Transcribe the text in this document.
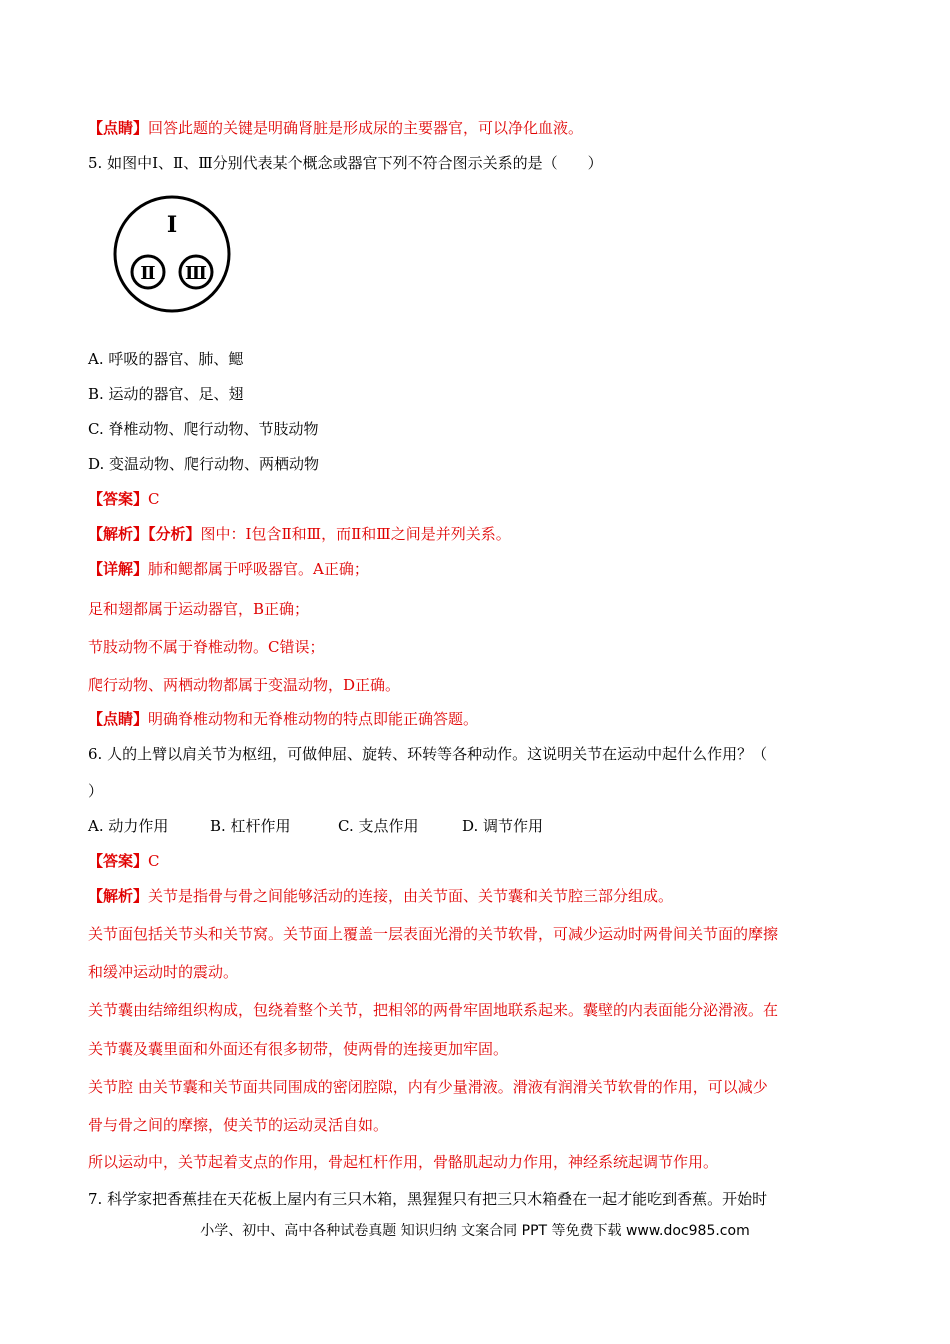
【点睛】回答此题的关键是明确肾脏是形成尿的主要器官，可以净化血液。
5. 如图中Ⅰ、Ⅱ、Ⅲ分别代表某个概念或器官下列不符合图示关系的是（　　）
Ⅰ
Ⅱ Ⅲ
A. 呼吸的器官、肺、鳃
B. 运动的器官、足、翅
C. 脊椎动物、爬行动物、节肢动物
D. 变温动物、爬行动物、两栖动物
【答案】C
【解析】【分析】图中：Ⅰ包含Ⅱ和Ⅲ，而Ⅱ和Ⅲ之间是并列关系。
【详解】肺和鳃都属于呼吸器官。A正确；
足和翅都属于运动器官，B正确；
节肢动物不属于脊椎动物。C错误；
爬行动物、两栖动物都属于变温动物，D正确。
【点睛】明确脊椎动物和无脊椎动物的特点即能正确答题。
6. 人的上臂以肩关节为枢纽，可做伸屈、旋转、环转等各种动作。这说明关节在运动中起什么作用？（
）
A. 动力作用	B. 杠杆作用	C. 支点作用	D. 调节作用
【答案】C
【解析】关节是指骨与骨之间能够活动的连接，由关节面、关节囊和关节腔三部分组成。
关节面包括关节头和关节窝。关节面上覆盖一层表面光滑的关节软骨，可减少运动时两骨间关节面的摩擦
和缓冲运动时的震动。
关节囊由结缔组织构成，包绕着整个关节，把相邻的两骨牢固地联系起来。囊壁的内表面能分泌滑液。在
关节囊及囊里面和外面还有很多韧带，使两骨的连接更加牢固。
关节腔 由关节囊和关节面共同围成的密闭腔隙，内有少量滑液。滑液有润滑关节软骨的作用，可以减少
骨与骨之间的摩擦，使关节的运动灵活自如。
所以运动中，关节起着支点的作用，骨起杠杆作用，骨骼肌起动力作用，神经系统起调节作用。
7. 科学家把香蕉挂在天花板上屋内有三只木箱，黑猩猩只有把三只木箱叠在一起才能吃到香蕉。开始时
小学、初中、高中各种试卷真题 知识归纳 文案合同 PPT 等免费下载 www.doc985.com
